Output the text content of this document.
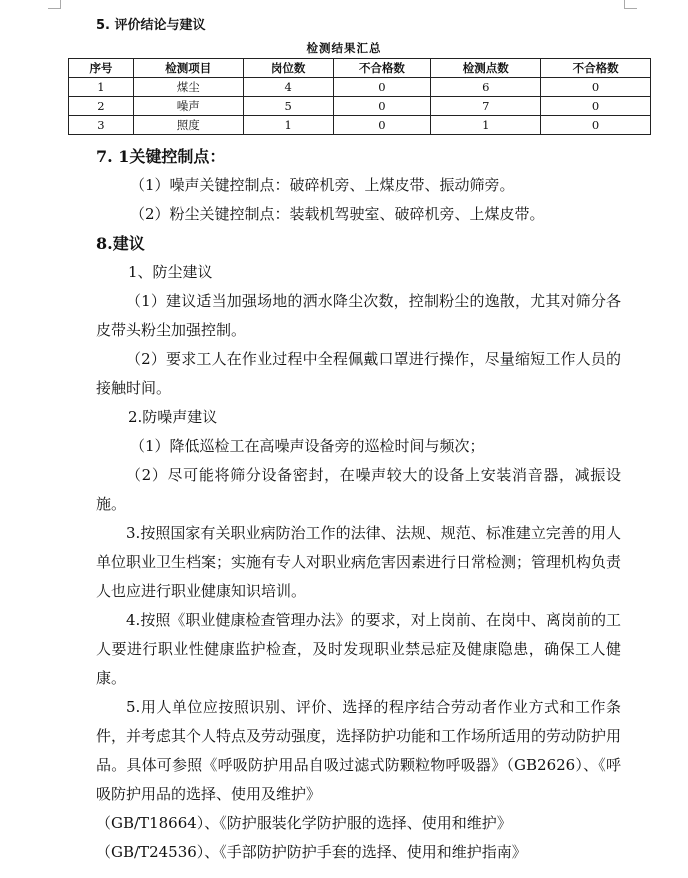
5. 评价结论与建议
检测结果汇总
序号	检测项目	岗位数	不合格数	检测点数	不合格数
1	煤尘	4	0	6	0
2	噪声	5	0	7	0
3	照度	1	0	1	0

7. 1关键控制点：

（1）噪声关键控制点：破碎机旁、上煤皮带、振动筛旁。

（2）粉尘关键控制点：装载机驾驶室、破碎机旁、上煤皮带。

8.建议

1、防尘建议

（1）建议适当加强场地的洒水降尘次数，控制粉尘的逸散，尤其对筛分各皮带头粉尘加强控制。

（2）要求工人在作业过程中全程佩戴口罩进行操作，尽量缩短工作人员的接触时间。

2.防噪声建议

（1）降低巡检工在高噪声设备旁的巡检时间与频次；

（2）尽可能将筛分设备密封，在噪声较大的设备上安装消音器，减振设施。

3.按照国家有关职业病防治工作的法律、法规、规范、标准建立完善的用人单位职业卫生档案；实施有专人对职业病危害因素进行日常检测；管理机构负责人也应进行职业健康知识培训。

4.按照《职业健康检查管理办法》的要求，对上岗前、在岗中、离岗前的工人要进行职业性健康监护检查，及时发现职业禁忌症及健康隐患，确保工人健康。

5.用人单位应按照识别、评价、选择的程序结合劳动者作业方式和工作条件，并考虑其个人特点及劳动强度，选择防护功能和工作场所适用的劳动防护用品。具体可参照《呼吸防护用品自吸过滤式防颗粒物呼吸器》（GB2626）、《呼吸防护用品的选择、使用及维护》

（GB/T18664）、《防护服装化学防护服的选择、使用和维护》

（GB/T24536）、《手部防护防护手套的选择、使用和维护指南》
